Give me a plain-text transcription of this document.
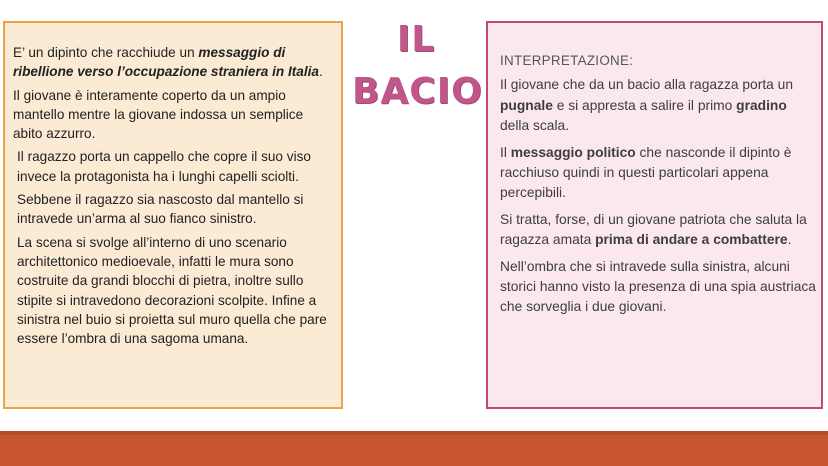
E’ un dipinto che racchiude un messaggio di ribellione verso l’occupazione straniera in Italia.

Il giovane è interamente coperto da un ampio mantello mentre la giovane indossa un semplice abito azzurro.

Il ragazzo porta un cappello che copre il suo viso invece la protagonista ha i lunghi capelli sciolti.

Sebbene il ragazzo sia nascosto dal mantello si intravede un’arma al suo fianco sinistro.

La scena si svolge all’interno di uno scenario architettonico medioevale, infatti le mura sono costruite da grandi blocchi di pietra, inoltre sullo stipite si intravedono decorazioni scolpite. Infine a sinistra nel buio si proietta sul muro quella che pare essere l’ombra di una sagoma umana.

IL
BACIO

INTERPRETAZIONE:

Il giovane che da un bacio alla ragazza porta un pugnale e si appresta a salire il primo gradino della scala.

Il messaggio politico che nasconde il dipinto è racchiuso quindi in questi particolari appena percepibili.

Si tratta, forse, di un giovane patriota che saluta la ragazza amata prima di andare a combattere.

Nell’ombra che si intravede sulla sinistra, alcuni storici hanno visto la presenza di una spia austriaca che sorveglia i due giovani.
